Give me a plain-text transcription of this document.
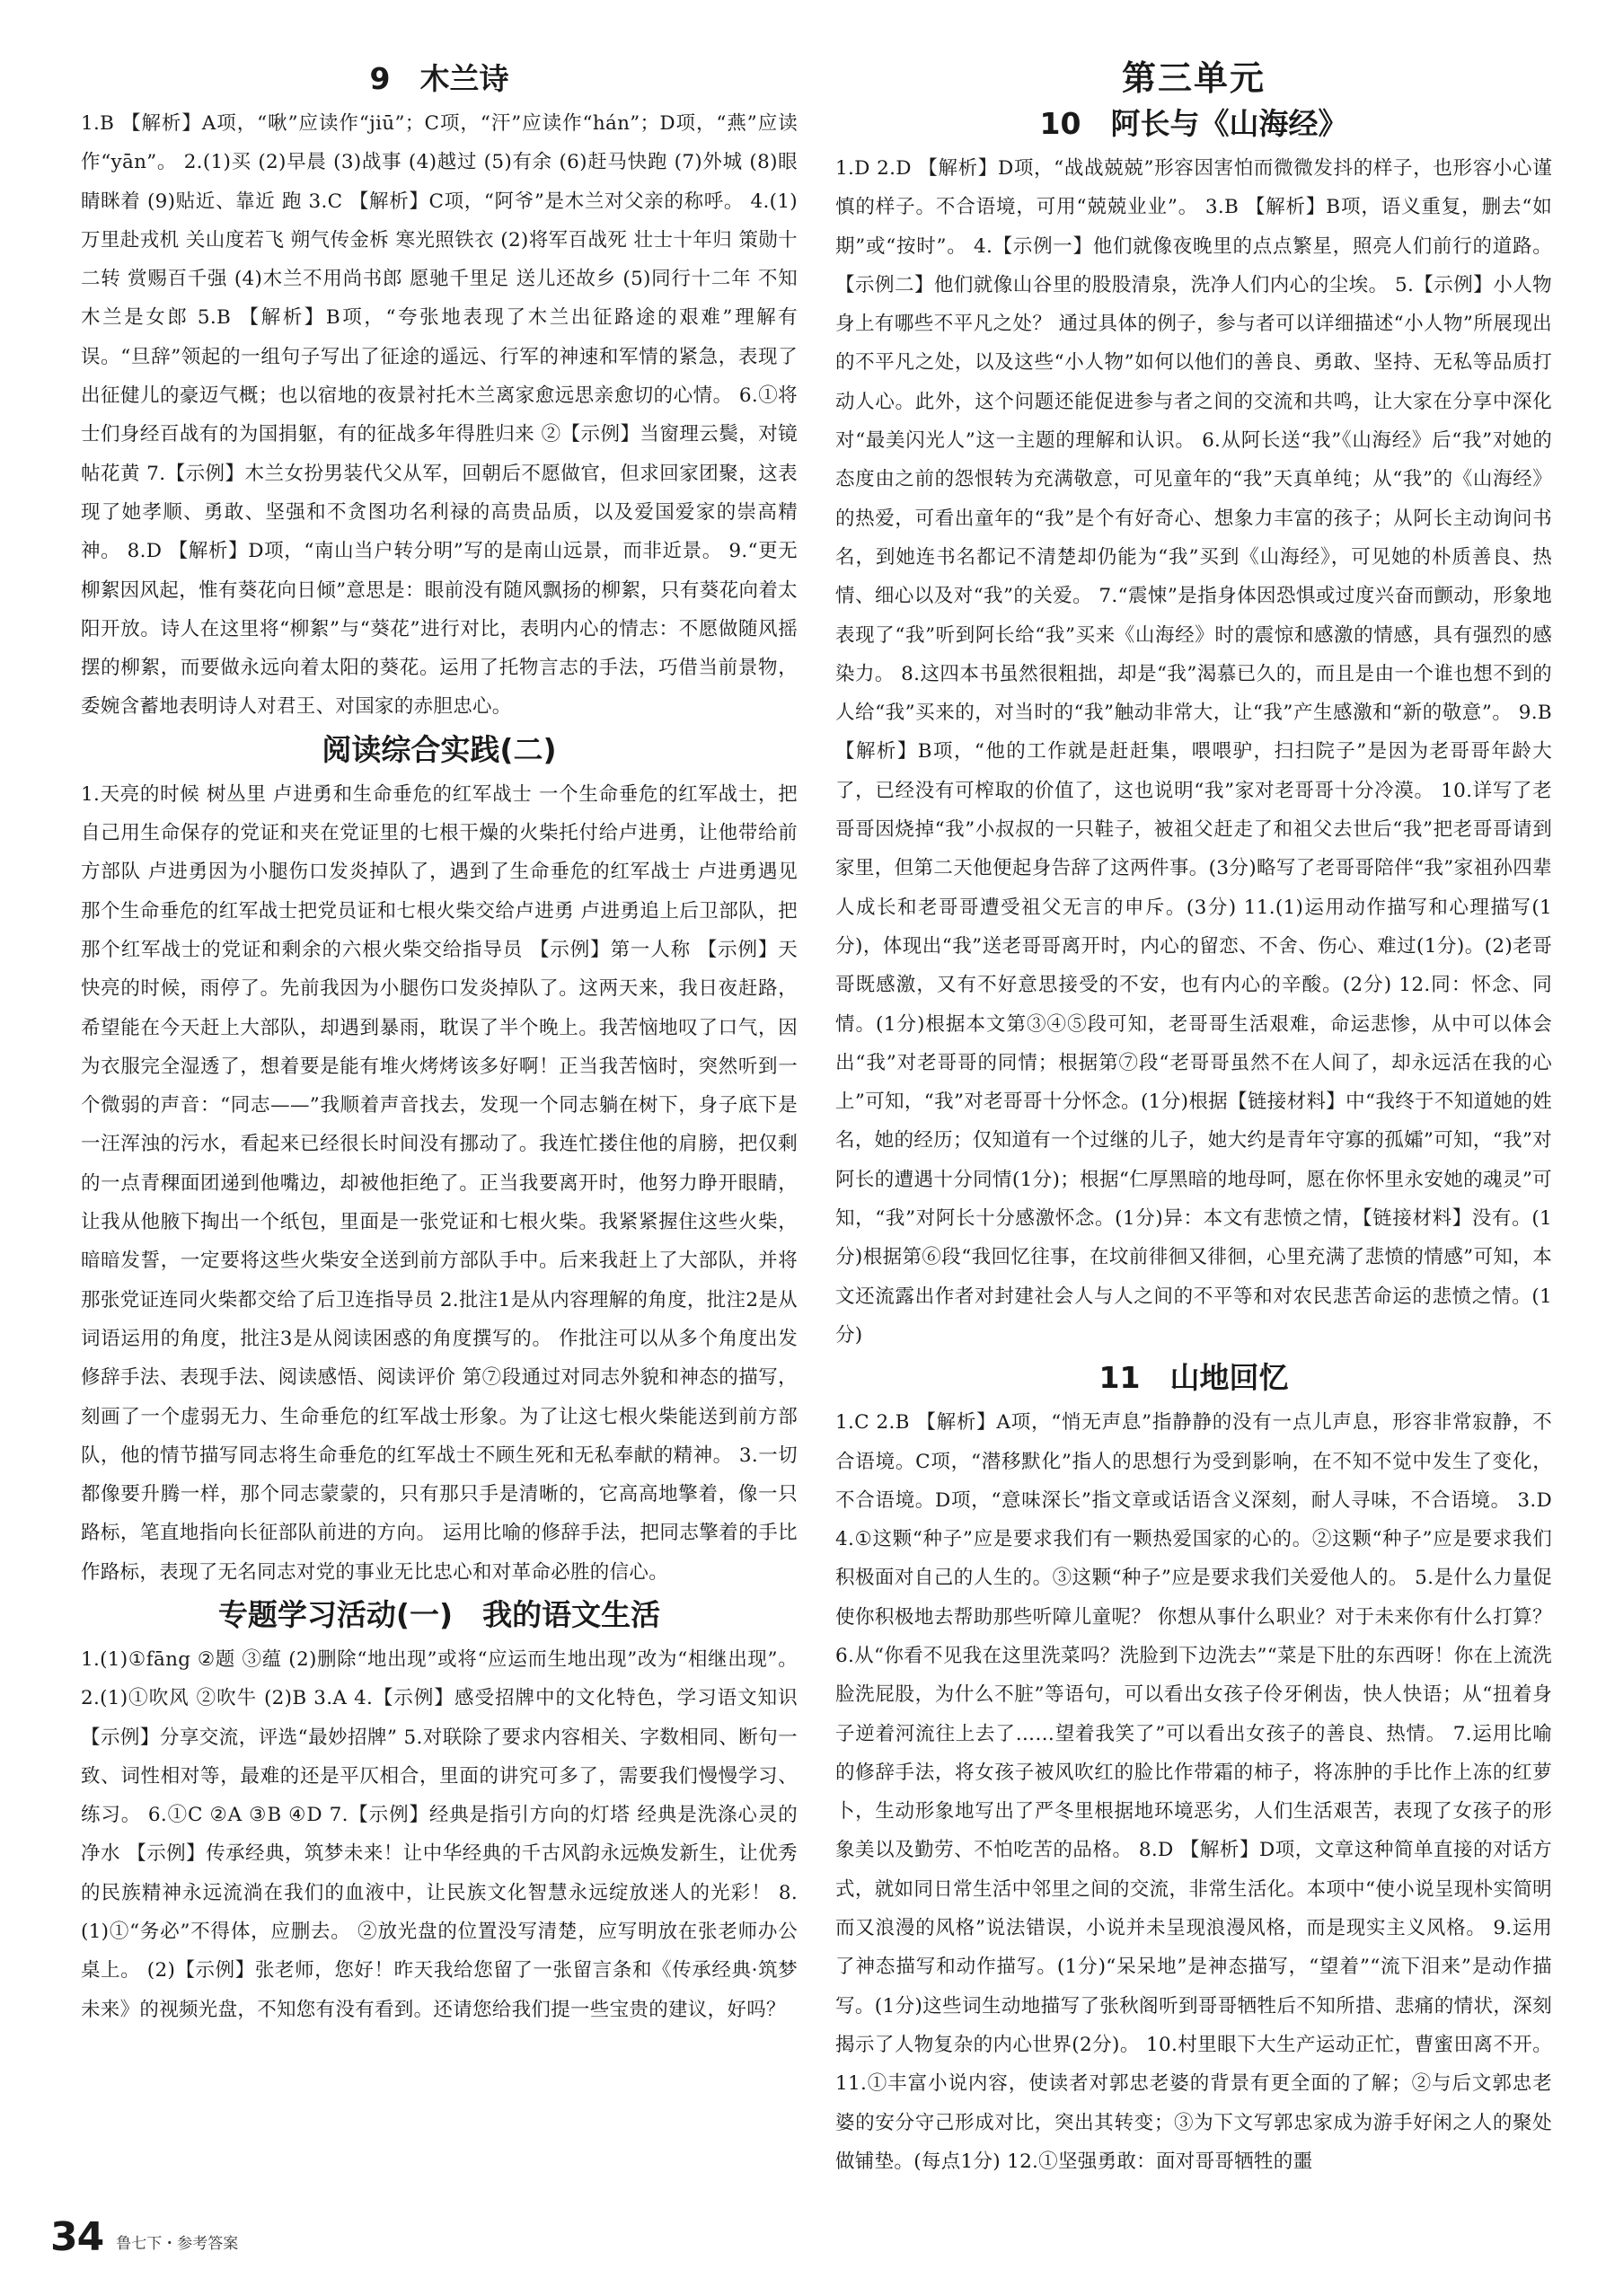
9　木兰诗
1.B 【解析】A项，“啾”应读作“jiū”；C项，“汗”应读作“hán”；D项，“燕”应读作“yān”。 2.(1)买 (2)早晨 (3)战事 (4)越过 (5)有余 (6)赶马快跑 (7)外城 (8)眼睛眯着 (9)贴近、靠近 跑 3.C 【解析】C项，“阿爷”是木兰对父亲的称呼。 4.(1)万里赴戎机 关山度若飞 朔气传金柝 寒光照铁衣 (2)将军百战死 壮士十年归 策勋十二转 赏赐百千强 (4)木兰不用尚书郎 愿驰千里足 送儿还故乡 (5)同行十二年 不知木兰是女郎 5.B 【解析】B项，“夸张地表现了木兰出征路途的艰难”理解有误。“旦辞”领起的一组句子写出了征途的遥远、行军的神速和军情的紧急，表现了出征健儿的豪迈气概；也以宿地的夜景衬托木兰离家愈远思亲愈切的心情。 6.①将士们身经百战有的为国捐躯，有的征战多年得胜归来 ②【示例】当窗理云鬓，对镜帖花黄 7.【示例】木兰女扮男装代父从军，回朝后不愿做官，但求回家团聚，这表现了她孝顺、勇敢、坚强和不贪图功名利禄的高贵品质，以及爱国爱家的崇高精神。 8.D 【解析】D项，“南山当户转分明”写的是南山远景，而非近景。 9.“更无柳絮因风起，惟有葵花向日倾”意思是：眼前没有随风飘扬的柳絮，只有葵花向着太阳开放。诗人在这里将“柳絮”与“葵花”进行对比，表明内心的情志：不愿做随风摇摆的柳絮，而要做永远向着太阳的葵花。运用了托物言志的手法，巧借当前景物，委婉含蓄地表明诗人对君王、对国家的赤胆忠心。
阅读综合实践(二)
1.天亮的时候 树丛里 卢进勇和生命垂危的红军战士 一个生命垂危的红军战士，把自己用生命保存的党证和夹在党证里的七根干燥的火柴托付给卢进勇，让他带给前方部队 卢进勇因为小腿伤口发炎掉队了，遇到了生命垂危的红军战士 卢进勇遇见那个生命垂危的红军战士把党员证和七根火柴交给卢进勇 卢进勇追上后卫部队，把那个红军战士的党证和剩余的六根火柴交给指导员 【示例】第一人称 【示例】天快亮的时候，雨停了。先前我因为小腿伤口发炎掉队了。这两天来，我日夜赶路，希望能在今天赶上大部队，却遇到暴雨，耽误了半个晚上。我苦恼地叹了口气，因为衣服完全湿透了，想着要是能有堆火烤烤该多好啊！正当我苦恼时，突然听到一个微弱的声音：“同志——”我顺着声音找去，发现一个同志躺在树下，身子底下是一汪浑浊的污水，看起来已经很长时间没有挪动了。我连忙搂住他的肩膀，把仅剩的一点青稞面团递到他嘴边，却被他拒绝了。正当我要离开时，他努力睁开眼睛，让我从他腋下掏出一个纸包，里面是一张党证和七根火柴。我紧紧握住这些火柴，暗暗发誓，一定要将这些火柴安全送到前方部队手中。后来我赶上了大部队，并将那张党证连同火柴都交给了后卫连指导员 2.批注1是从内容理解的角度，批注2是从词语运用的角度，批注3是从阅读困惑的角度撰写的。 作批注可以从多个角度出发 修辞手法、表现手法、阅读感悟、阅读评价 第⑦段通过对同志外貌和神态的描写，刻画了一个虚弱无力、生命垂危的红军战士形象。为了让这七根火柴能送到前方部队，他的情节描写同志将生命垂危的红军战士不顾生死和无私奉献的精神。 3.一切都像要升腾一样，那个同志蒙蒙的，只有那只手是清晰的，它高高地擎着，像一只路标，笔直地指向长征部队前进的方向。 运用比喻的修辞手法，把同志擎着的手比作路标，表现了无名同志对党的事业无比忠心和对革命必胜的信心。
专题学习活动(一)　我的语文生活
1.(1)①fāng ②题 ③蕴 (2)删除“地出现”或将“应运而生地出现”改为“相继出现”。 2.(1)①吹风 ②吹牛 (2)B 3.A 4.【示例】感受招牌中的文化特色，学习语文知识 【示例】分享交流，评选“最妙招牌” 5.对联除了要求内容相关、字数相同、断句一致、词性相对等，最难的还是平仄相合，里面的讲究可多了，需要我们慢慢学习、练习。 6.①C ②A ③B ④D 7.【示例】经典是指引方向的灯塔 经典是洗涤心灵的净水 【示例】传承经典，筑梦未来！让中华经典的千古风韵永远焕发新生，让优秀的民族精神永远流淌在我们的血液中，让民族文化智慧永远绽放迷人的光彩！ 8.(1)①“务必”不得体，应删去。 ②放光盘的位置没写清楚，应写明放在张老师办公桌上。 (2)【示例】张老师，您好！昨天我给您留了一张留言条和《传承经典·筑梦未来》的视频光盘，不知您有没有看到。还请您给我们提一些宝贵的建议，好吗？
第三单元
10　阿长与《山海经》
1.D 2.D 【解析】D项，“战战兢兢”形容因害怕而微微发抖的样子，也形容小心谨慎的样子。不合语境，可用“兢兢业业”。 3.B 【解析】B项，语义重复，删去“如期”或“按时”。 4.【示例一】他们就像夜晚里的点点繁星，照亮人们前行的道路。 【示例二】他们就像山谷里的股股清泉，洗净人们内心的尘埃。 5.【示例】小人物身上有哪些不平凡之处？ 通过具体的例子，参与者可以详细描述“小人物”所展现出的不平凡之处，以及这些“小人物”如何以他们的善良、勇敢、坚持、无私等品质打动人心。此外，这个问题还能促进参与者之间的交流和共鸣，让大家在分享中深化对“最美闪光人”这一主题的理解和认识。 6.从阿长送“我”《山海经》后“我”对她的态度由之前的怨恨转为充满敬意，可见童年的“我”天真单纯；从“我”的《山海经》的热爱，可看出童年的“我”是个有好奇心、想象力丰富的孩子；从阿长主动询问书名，到她连书名都记不清楚却仍能为“我”买到《山海经》，可见她的朴质善良、热情、细心以及对“我”的关爱。 7.“震悚”是指身体因恐惧或过度兴奋而颤动，形象地表现了“我”听到阿长给“我”买来《山海经》时的震惊和感激的情感，具有强烈的感染力。 8.这四本书虽然很粗拙，却是“我”渴慕已久的，而且是由一个谁也想不到的人给“我”买来的，对当时的“我”触动非常大，让“我”产生感激和“新的敬意”。 9.B 【解析】B项，“他的工作就是赶赶集，喂喂驴，扫扫院子”是因为老哥哥年龄大了，已经没有可榨取的价值了，这也说明“我”家对老哥哥十分冷漠。 10.详写了老哥哥因烧掉“我”小叔叔的一只鞋子，被祖父赶走了和祖父去世后“我”把老哥哥请到家里，但第二天他便起身告辞了这两件事。(3分)略写了老哥哥陪伴“我”家祖孙四辈人成长和老哥哥遭受祖父无言的申斥。(3分) 11.(1)运用动作描写和心理描写(1分)，体现出“我”送老哥哥离开时，内心的留恋、不舍、伤心、难过(1分)。(2)老哥哥既感激，又有不好意思接受的不安，也有内心的辛酸。(2分) 12.同：怀念、同情。(1分)根据本文第③④⑤段可知，老哥哥生活艰难，命运悲惨，从中可以体会出“我”对老哥哥的同情；根据第⑦段“老哥哥虽然不在人间了，却永远活在我的心上”可知，“我”对老哥哥十分怀念。(1分)根据【链接材料】中“我终于不知道她的姓名，她的经历；仅知道有一个过继的儿子，她大约是青年守寡的孤孀”可知，“我”对阿长的遭遇十分同情(1分)；根据“仁厚黑暗的地母呵，愿在你怀里永安她的魂灵”可知，“我”对阿长十分感激怀念。(1分)异：本文有悲愤之情，【链接材料】没有。(1分)根据第⑥段“我回忆往事，在坟前徘徊又徘徊，心里充满了悲愤的情感”可知，本文还流露出作者对封建社会人与人之间的不平等和对农民悲苦命运的悲愤之情。(1分)
11　山地回忆
1.C 2.B 【解析】A项，“悄无声息”指静静的没有一点儿声息，形容非常寂静，不合语境。C项，“潜移默化”指人的思想行为受到影响，在不知不觉中发生了变化，不合语境。D项，“意味深长”指文章或话语含义深刻，耐人寻味，不合语境。 3.D 4.①这颗“种子”应是要求我们有一颗热爱国家的心的。②这颗“种子”应是要求我们积极面对自己的人生的。③这颗“种子”应是要求我们关爱他人的。 5.是什么力量促使你积极地去帮助那些听障儿童呢？ 你想从事什么职业？对于未来你有什么打算？ 6.从“你看不见我在这里洗菜吗？洗脸到下边洗去”“菜是下肚的东西呀！你在上流洗脸洗屁股，为什么不脏”等语句，可以看出女孩子伶牙俐齿，快人快语；从“扭着身子逆着河流往上去了……望着我笑了”可以看出女孩子的善良、热情。 7.运用比喻的修辞手法，将女孩子被风吹红的脸比作带霜的柿子，将冻肿的手比作上冻的红萝卜，生动形象地写出了严冬里根据地环境恶劣，人们生活艰苦，表现了女孩子的形象美以及勤劳、不怕吃苦的品格。 8.D 【解析】D项，文章这种简单直接的对话方式，就如同日常生活中邻里之间的交流，非常生活化。本项中“使小说呈现朴实简明而又浪漫的风格”说法错误，小说并未呈现浪漫风格，而是现实主义风格。 9.运用了神态描写和动作描写。(1分)“呆呆地”是神态描写，“望着”“流下泪来”是动作描写。(1分)这些词生动地描写了张秋阁听到哥哥牺牲后不知所措、悲痛的情状，深刻揭示了人物复杂的内心世界(2分)。 10.村里眼下大生产运动正忙，曹蜜田离不开。 11.①丰富小说内容，使读者对郭忠老婆的背景有更全面的了解；②与后文郭忠老婆的安分守己形成对比，突出其转变；③为下文写郭忠家成为游手好闲之人的聚处做铺垫。(每点1分) 12.①坚强勇敢：面对哥哥牺牲的噩
34 鲁七下・参考答案
